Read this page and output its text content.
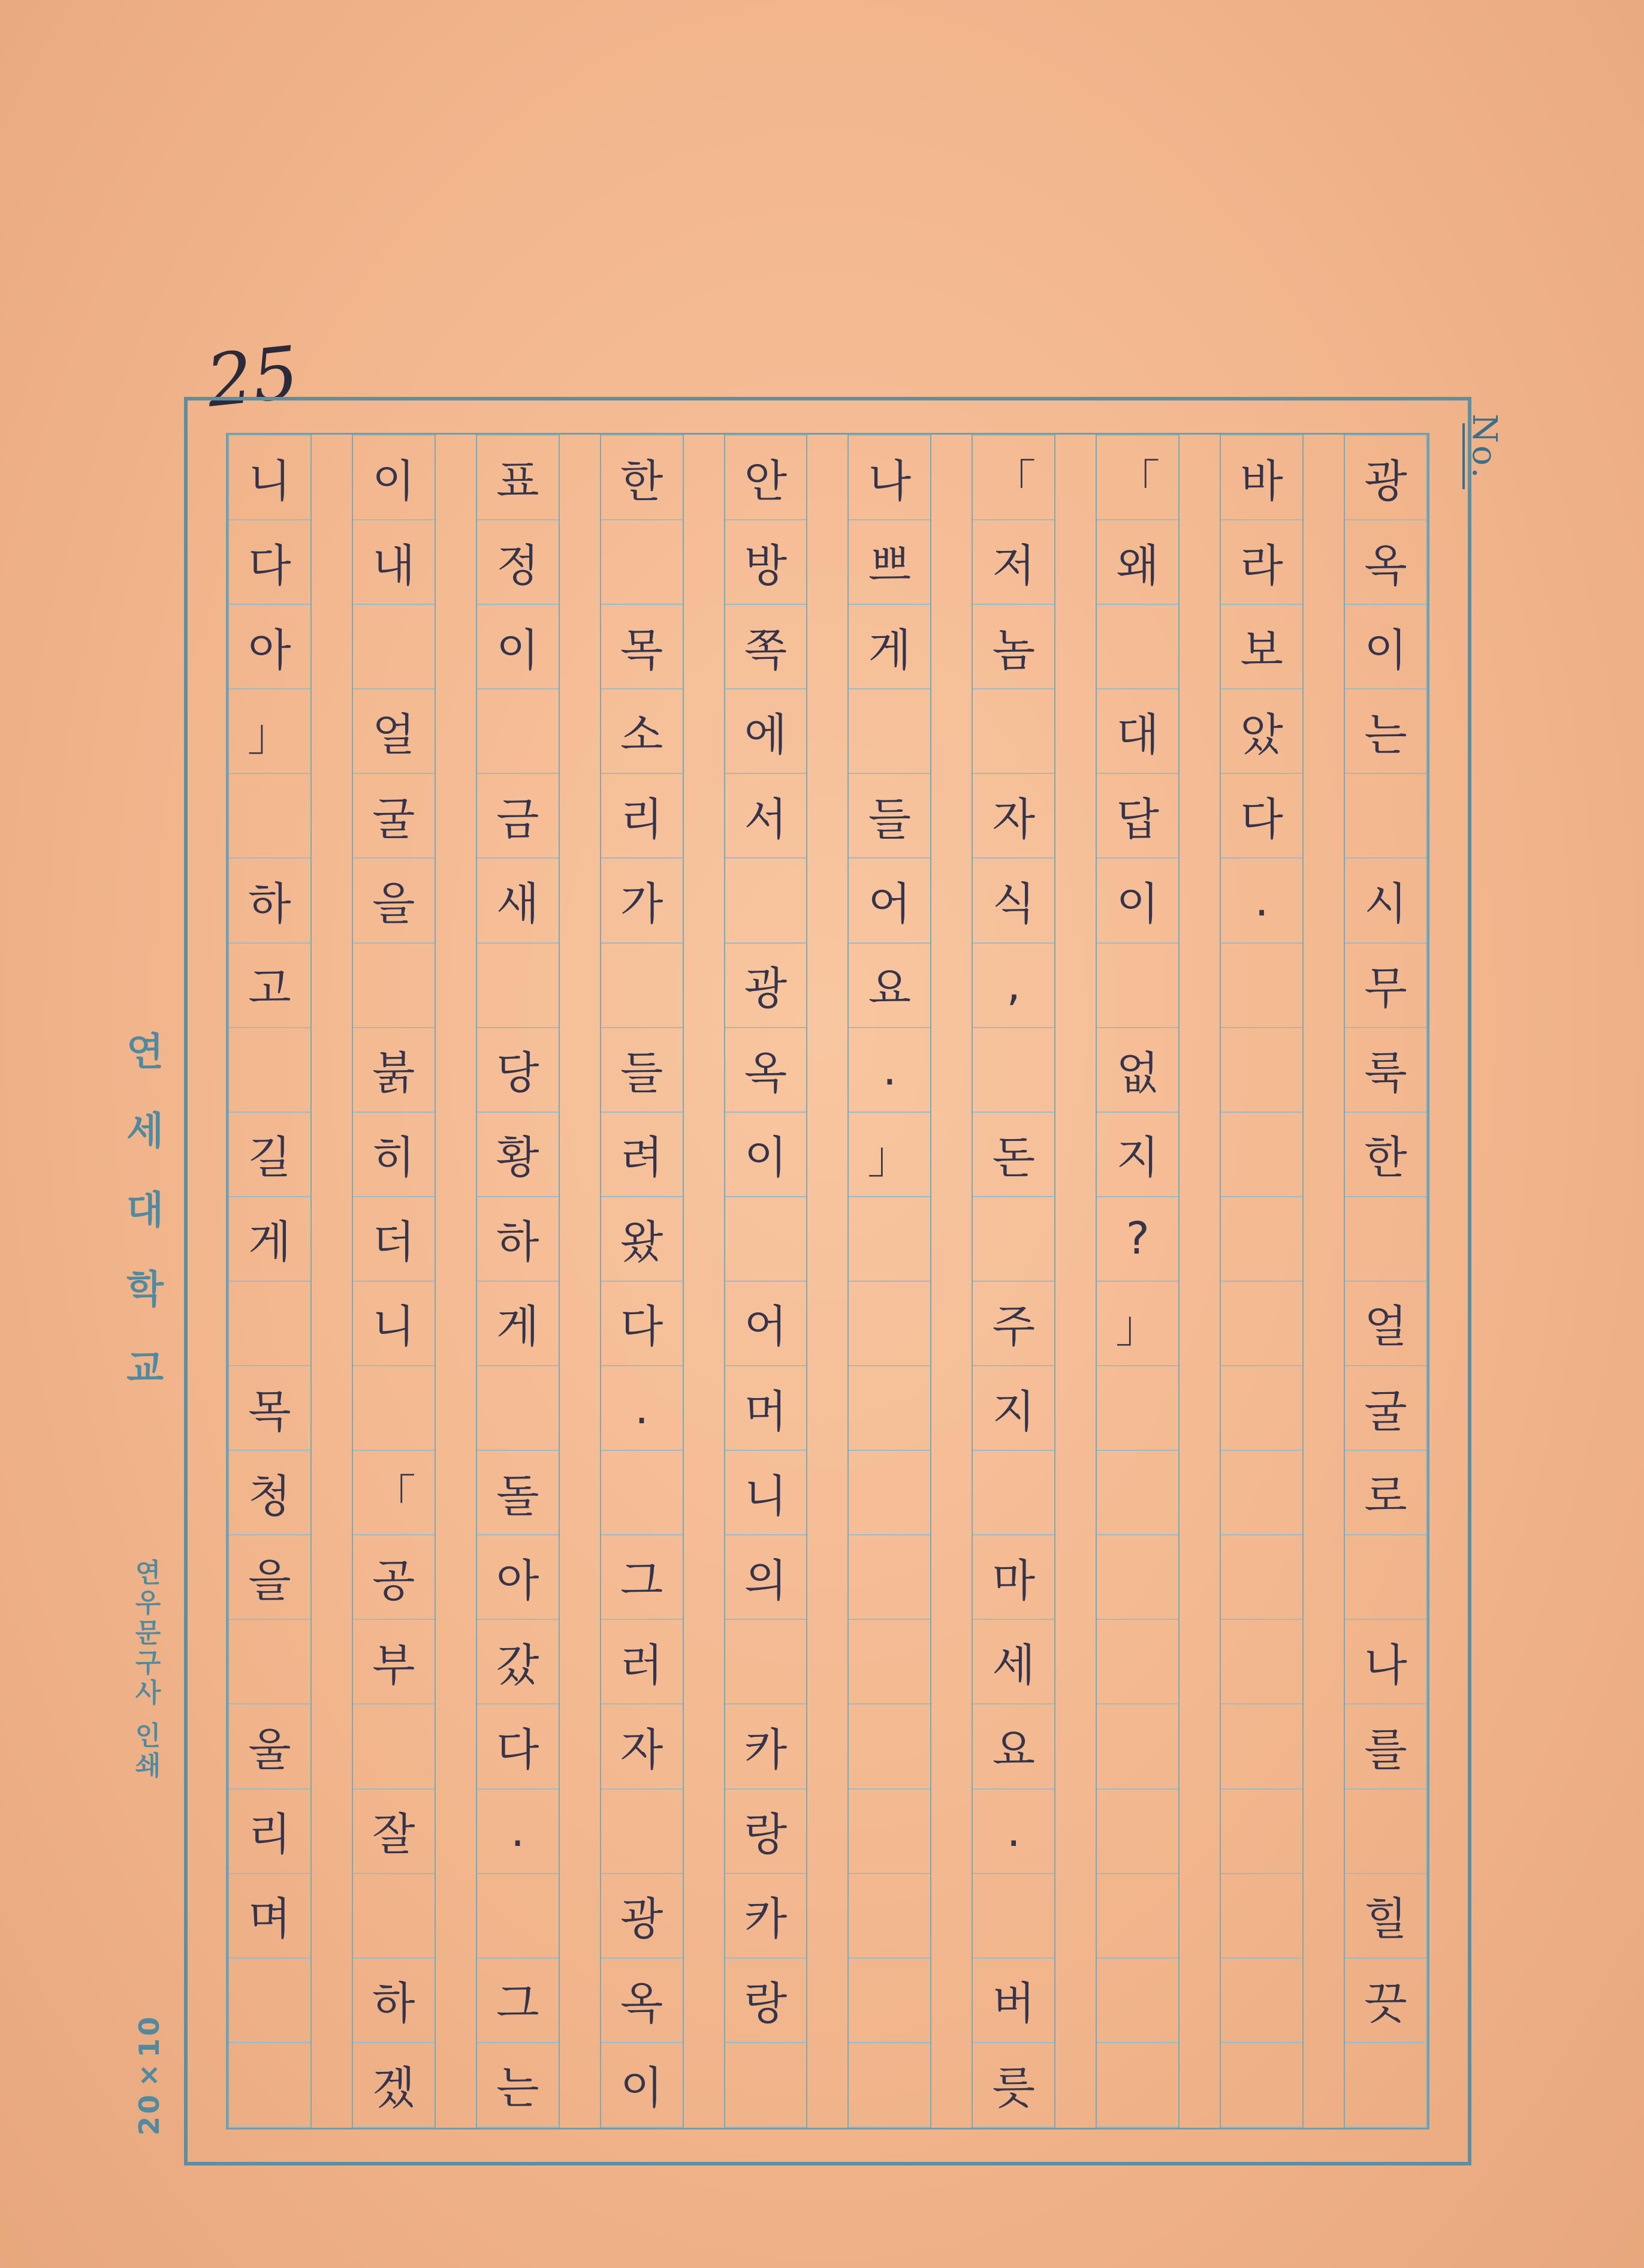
25
No.
광
옥
이
는
시
무
룩
한
얼
굴
로
나
를
힐
끗
바
라
보
았
다
.
「
왜
대
답
이
없
지
?
」
「
저
놈
자
식
,
돈
주
지
마
세
요
.
버
릇
나
쁘
게
들
어
요
.
」
안
방
쪽
에
서
광
옥
이
어
머
니
의
카
랑
카
랑
한
목
소
리
가
들
려
왔
다
.
그
러
자
광
옥
이
표
정
이
금
새
당
황
하
게
돌
아
갔
다
.
그
는
이
내
얼
굴
을
붉
히
더
니
「
공
부
잘
하
겠
니
다
아
」
하
고
길
게
목
청
을
울
리
며
연세대학교
연우문구사 인쇄
20×10
